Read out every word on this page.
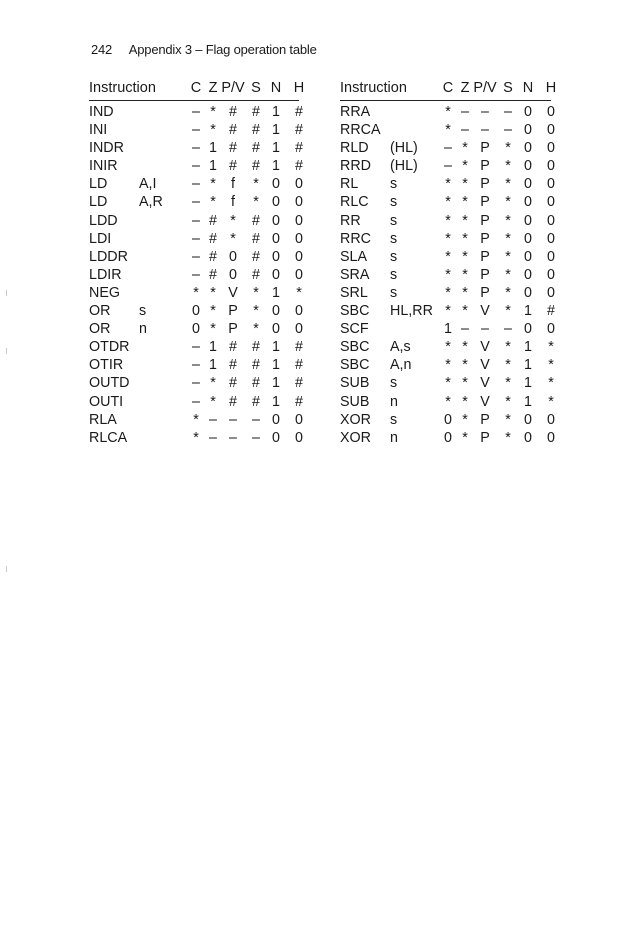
242 Appendix 3 – Flag operation table
Instruction C Z P/V S N H
IND	– * #	# 1 #
INI	– * #	# 1 #
INDR	– 1 #	# 1 #
INIR	– 1 #	# 1 #
LD A,I – *	f	* 0 0
LD A,R – *	f	* 0 0
LDD	– # *	# 0 0
LDI	– # *	# 0 0
LDDR	– # 0	# 0 0
LDIR	– # 0	# 0 0
NEG	* * V	* 1 *
OR s	0 * P	* 0 0
OR n	0 * P	* 0 0
OTDR	– 1 #	# 1 #
OTIR	– 1 #	# 1 #
OUTD	– * #	# 1 #
OUTI	– * #	# 1 #
RLA	* – –	– 0 0
RLCA	* – –	– 0 0
Instruction C Z P/V S N H
RRA	* – –	– 0 0
RRCA	* – –	– 0 0
RLD (HL) – * P	* 0 0
RRD (HL) – * P	* 0 0
RL s	* * P	* 0 0
RLC s	* * P	* 0 0
RR s	* * P	* 0 0
RRC s	* * P	* 0 0
SLA s	* * P	* 0 0
SRA s	* * P	* 0 0
SRL s	* * P	* 0 0
SBC HL,RR * * V	* 1 #
SCF	1 – –	– 0 0
SBC A,s * * V	* 1 *
SBC A,n * * V	* 1 *
SUB s	* * V	* 1 *
SUB n	* * V	* 1 *
XOR s	0 * P	* 0 0
XOR n	0 * P	* 0 0
